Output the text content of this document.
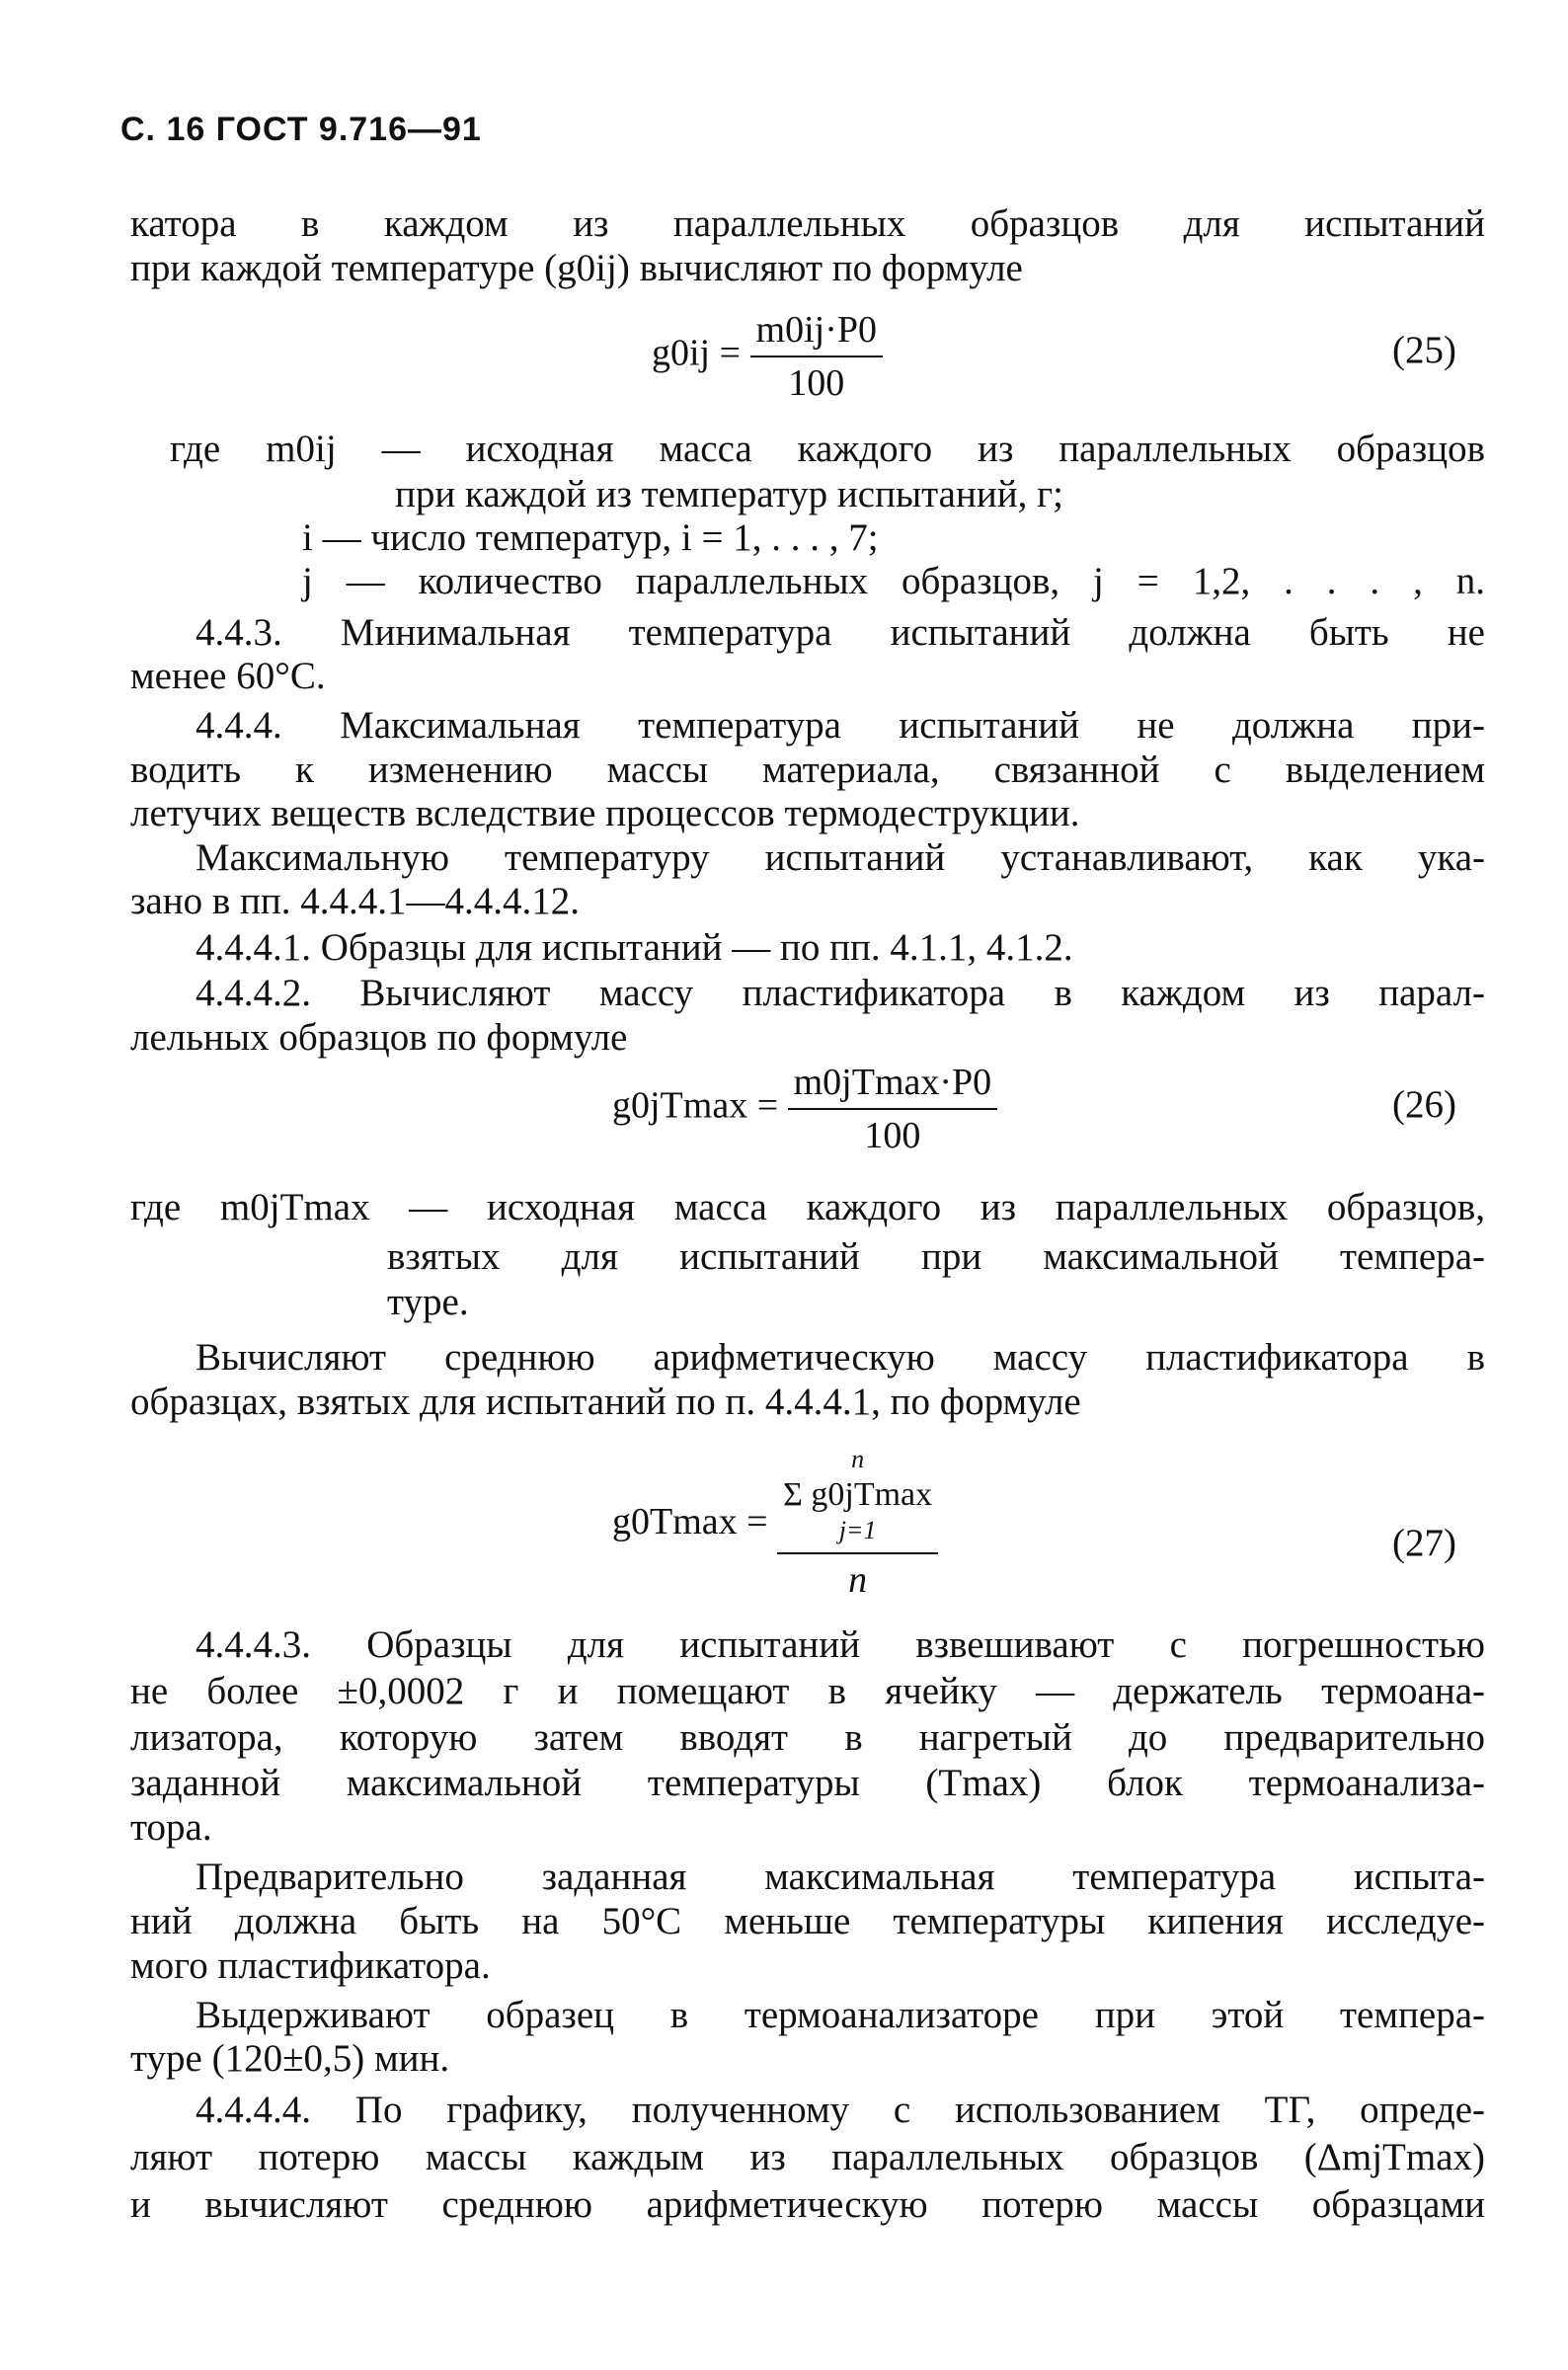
С. 16 ГОСТ 9.716—91
катора в каждом из параллельных образцов для испытаний
при каждой температуре (g0ij) вычисляют по формуле
$g0ij = \frac{m0ij\cdot P0}{100}$	(25)
где m0ij — исходная масса каждого из параллельных образцов
при каждой из температур испытаний, г;
i — число температур, i = 1, . . . , 7;
j — количество параллельных образцов, j = 1,2, . . . , n.
4.4.3. Минимальная температура испытаний должна быть не
менее 60°С.
4.4.4. Максимальная температура испытаний не должна при-
водить к изменению массы материала, связанной с выделением
летучих веществ вследствие процессов термодеструкции.
Максимальную температуру испытаний устанавливают, как ука-
зано в пп. 4.4.4.1—4.4.4.12.
4.4.4.1. Образцы для испытаний — по пп. 4.1.1, 4.1.2.
4.4.4.2. Вычисляют массу пластификатора в каждом из парал-
лельных образцов по формуле
$g0jTmax = \frac{m0jTmax\cdot P0}{100}$	(26)
где m0jTmax — исходная масса каждого из параллельных образцов,
взятых для испытаний при максимальной темпера-
туре.
Вычисляют среднюю арифметическую массу пластификатора в
образцах, взятых для испытаний по п. 4.4.4.1, по формуле
g0Tmax = n
Σ g0jTmax
j=1
n	(27)
4.4.4.3. Образцы для испытаний взвешивают с погрешностью
не более ±0,0002 г и помещают в ячейку — держатель термоана-
лизатора, которую затем вводят в нагретый до предварительно
заданной максимальной температуры (Tmax) блок термоанализа-
тора.
Предварительно заданная максимальная температура испыта-
ний должна быть на 50°С меньше температуры кипения исследуе-
мого пластификатора.
Выдерживают образец в термоанализаторе при этой темпера-
туре (120±0,5) мин.
4.4.4.4. По графику, полученному с использованием ТГ, опреде-
ляют потерю массы каждым из параллельных образцов (ΔmjTmax)
и вычисляют среднюю арифметическую потерю массы образцами
